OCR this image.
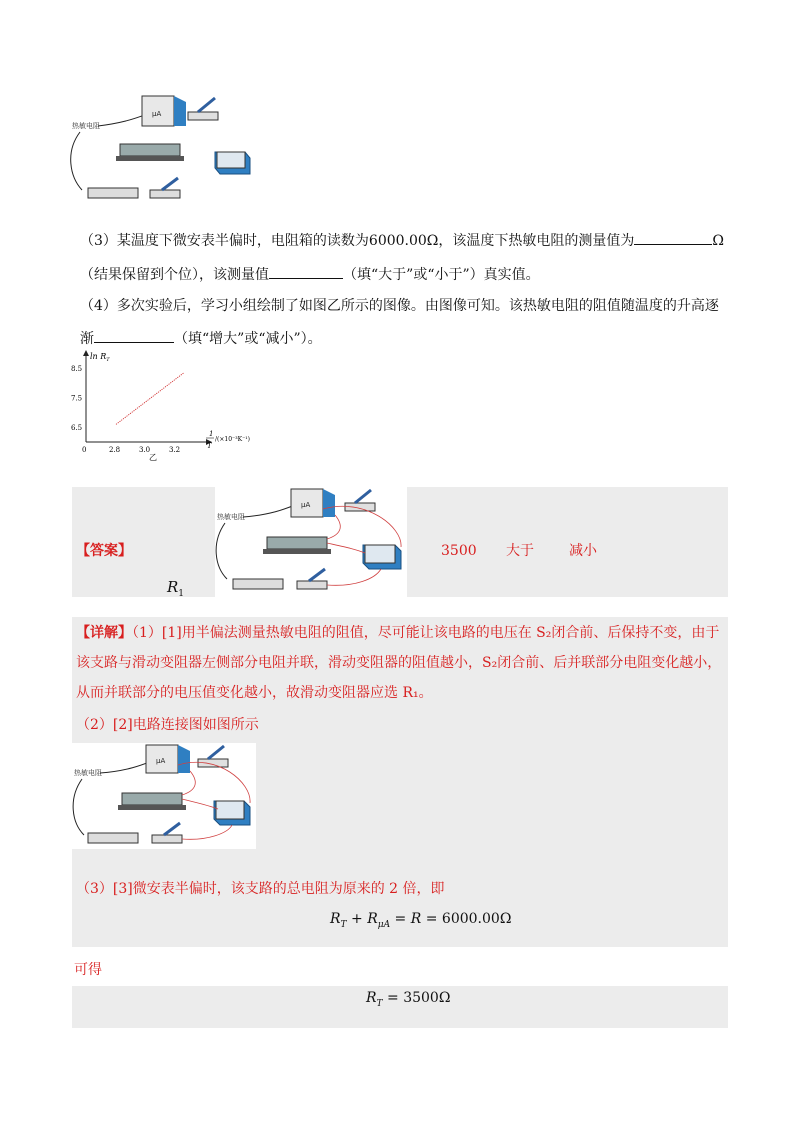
热敏电阻
μA
（3）某温度下微安表半偏时，电阻箱的读数为6000.00Ω，该温度下热敏电阻的测量值为	Ω
（结果保留到个位），该测量值	（填“大于”或“小于”）真实值。
（4）多次实验后，学习小组绘制了如图乙所示的图像。由图像可知。该热敏电阻的阻值随温度的升高逐
渐	（填“增大”或“减小”）。
$\ln R_T$
0	2.8	3.0	3.2
8.5
7.5
6.5
1
T
/(×10⁻³K⁻¹)
乙
【答案】
热敏电阻
μA
3500 大于	减小
$R_1$
【详解】（1）[1]用半偏法测量热敏电阻的阻值，尽可能让该电路的电压在 S₂闭合前、后保持不变，由于
该支路与滑动变阻器左侧部分电阻并联，滑动变阻器的阻值越小，S₂闭合前、后并联部分电阻变化越小，
从而并联部分的电压值变化越小，故滑动变阻器应选 R₁。
（2）[2]电路连接图如图所示
热敏电阻
μA
（3）[3]微安表半偏时，该支路的总电阻为原来的 2 倍，即
$R_T + R_{\mu A} = R = 6000.00\Omega$
可得
$R_T = 3500\Omega$
